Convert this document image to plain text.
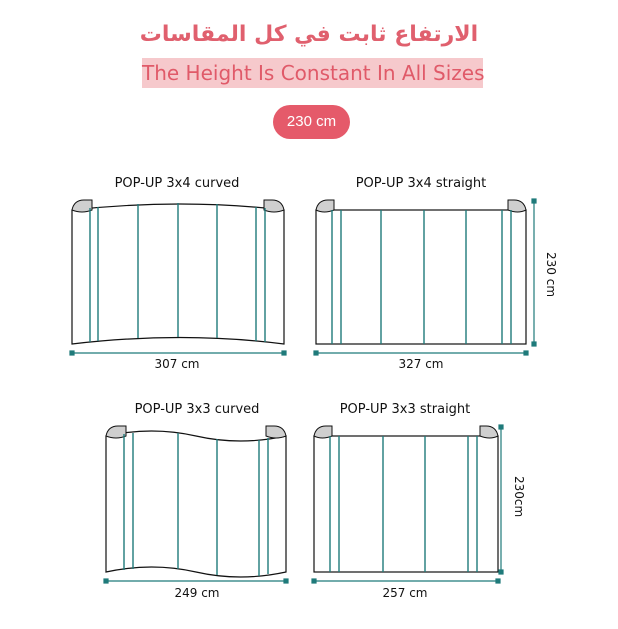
الارتفاع ثابت في كل المقاسات
The Height Is Constant In All Sizes
230 cm
POP-UP 3x4 curved
307 cm
POP-UP 3x4 straight
327 cm
230 cm
POP-UP 3x3 curved
249 cm
POP-UP 3x3 straight
257 cm
230cm
